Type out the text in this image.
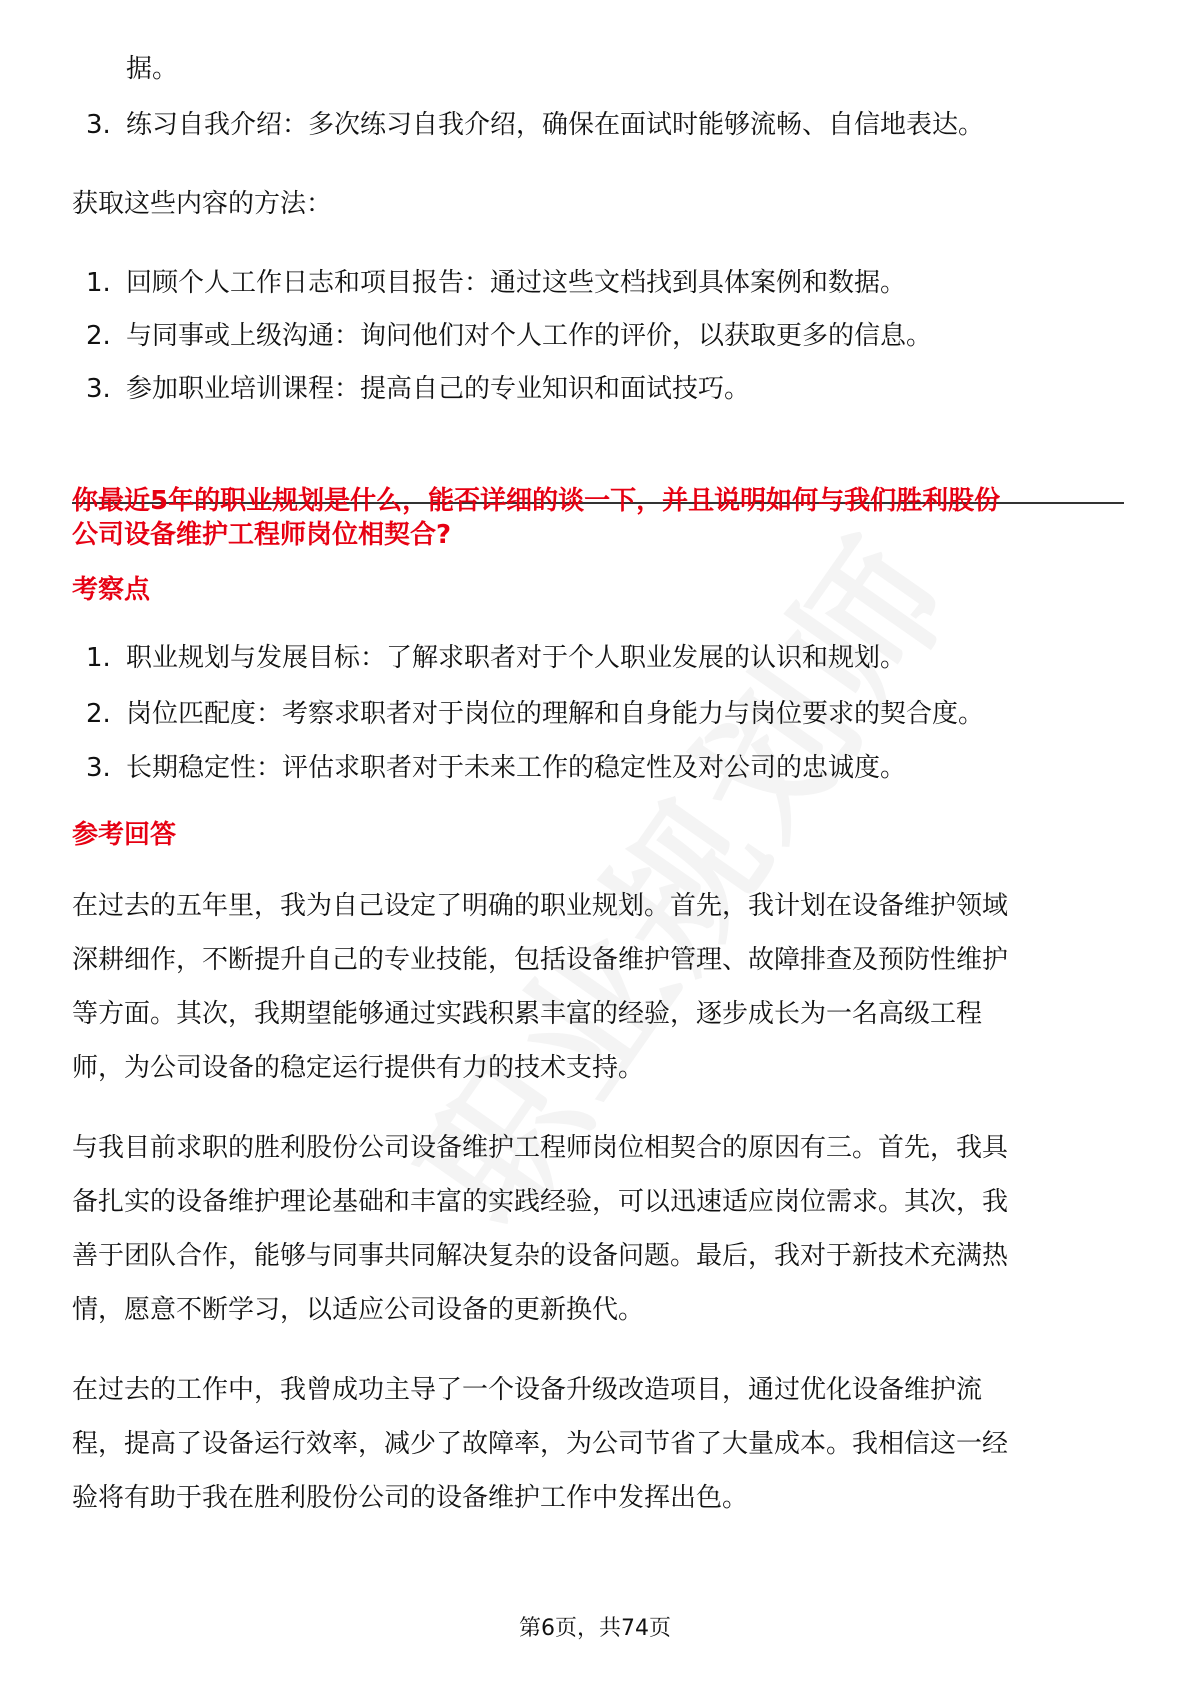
据。
3. 练习自我介绍：多次练习自我介绍，确保在面试时能够流畅、自信地表达。
获取这些内容的方法：
1. 回顾个人工作日志和项目报告：通过这些文档找到具体案例和数据。
2. 与同事或上级沟通：询问他们对个人工作的评价，以获取更多的信息。
3. 参加职业培训课程：提高自己的专业知识和面试技巧。
你最近5年的职业规划是什么，能否详细的谈一下，并且说明如何与我们胜利股份
公司设备维护工程师岗位相契合?
考察点
1. 职业规划与发展目标：了解求职者对于个人职业发展的认识和规划。
2. 岗位匹配度：考察求职者对于岗位的理解和自身能力与岗位要求的契合度。
3. 长期稳定性：评估求职者对于未来工作的稳定性及对公司的忠诚度。
参考回答
在过去的五年里，我为自己设定了明确的职业规划。首先，我计划在设备维护领域
深耕细作，不断提升自己的专业技能，包括设备维护管理、故障排查及预防性维护
等方面。其次，我期望能够通过实践积累丰富的经验，逐步成长为一名高级工程
师，为公司设备的稳定运行提供有力的技术支持。
与我目前求职的胜利股份公司设备维护工程师岗位相契合的原因有三。首先，我具
备扎实的设备维护理论基础和丰富的实践经验，可以迅速适应岗位需求。其次，我
善于团队合作，能够与同事共同解决复杂的设备问题。最后，我对于新技术充满热
情，愿意不断学习，以适应公司设备的更新换代。
在过去的工作中，我曾成功主导了一个设备升级改造项目，通过优化设备维护流
程，提高了设备运行效率，减少了故障率，为公司节省了大量成本。我相信这一经
验将有助于我在胜利股份公司的设备维护工作中发挥出色。
第6页，共74页
